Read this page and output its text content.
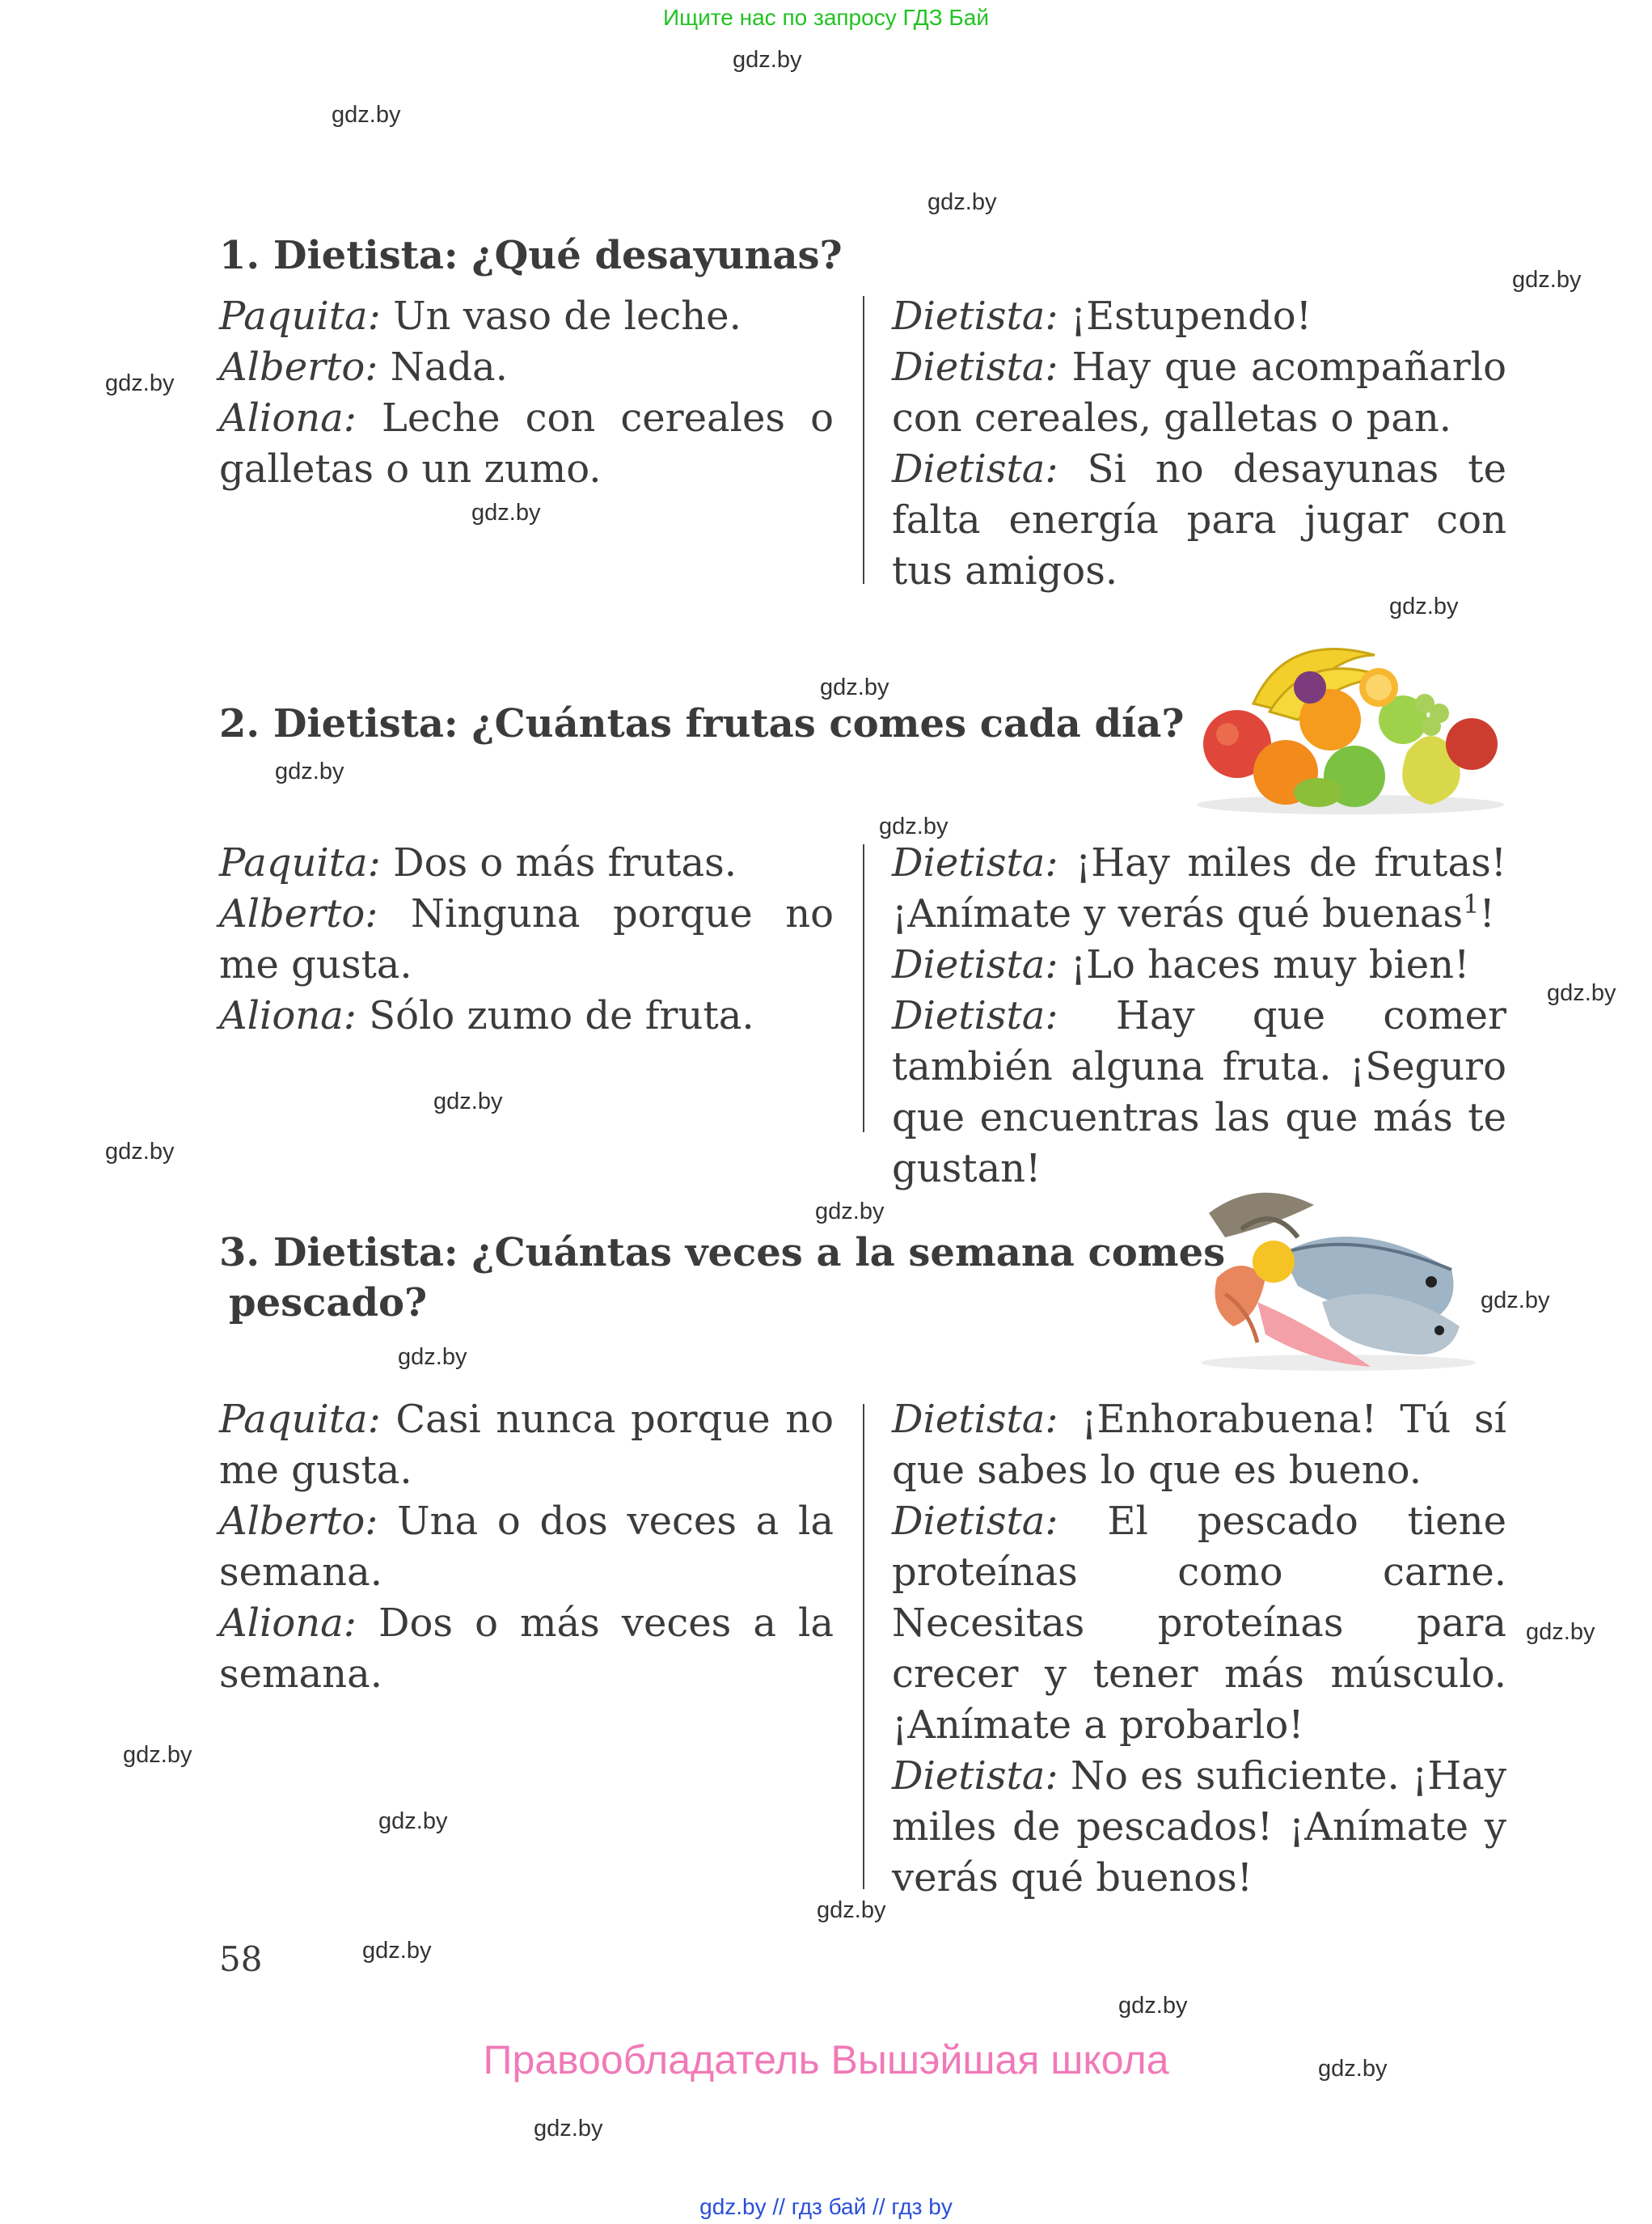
Ищите нас по запросу ГДЗ Бай
gdz.by
gdz.by
gdz.by
gdz.by
gdz.by
gdz.by
gdz.by
gdz.by
gdz.by
gdz.by
gdz.by
gdz.by
gdz.by
gdz.by
gdz.by
gdz.by
gdz.by
gdz.by
gdz.by
gdz.by
gdz.by
gdz.by
gdz.by
gdz.by
1. Dietista: ¿Qué desayunas?

Paquita: Un vaso de leche.

Alberto: Nada.

Aliona: Leche con cereales o galletas o un zumo.

Dietista: ¡Estupendo!

Dietista: Hay que acompañarlo con cereales, galletas o pan.

Dietista: Si no desayunas te falta energía para jugar con tus amigos.

2. Dietista: ¿Cuántas frutas comes cada día?

Paquita: Dos o más frutas.

Alberto: Ninguna porque no me gusta.

Aliona: Sólo zumo de fruta.

Dietista: ¡Hay miles de frutas! ¡Anímate y verás qué buenas$^1$!

Dietista: ¡Lo haces muy bien!

Dietista: Hay que comer también alguna fruta. ¡Seguro que encuentras las que más te gustan!

3. Dietista: ¿Cuántas veces a la semana comes
pescado?

Paquita: Casi nunca porque no me gusta.

Alberto: Una o dos veces a la semana.

Aliona: Dos o más veces a la semana.

Dietista: ¡Enhorabuena! Tú sí que sabes lo que es bueno.

Dietista: El pescado tiene proteínas como carne. Necesitas proteínas para crecer y tener más músculo. ¡Anímate a probarlo!

Dietista: No es suficiente. ¡Hay miles de pescados! ¡Anímate y verás qué buenos!

58
Правообладатель Вышэйшая школа
gdz.by // гдз бай // гдз by
